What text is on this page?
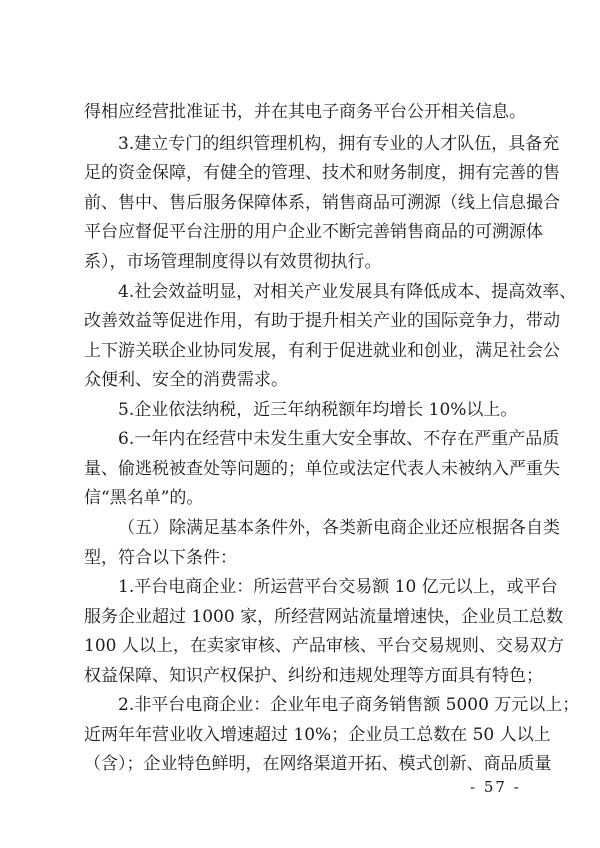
得相应经营批准证书，并在其电子商务平台公开相关信息。
3.建立专门的组织管理机构，拥有专业的人才队伍，具备充
足的资金保障，有健全的管理、技术和财务制度，拥有完善的售
前、售中、售后服务保障体系，销售商品可溯源（线上信息撮合
平台应督促平台注册的用户企业不断完善销售商品的可溯源体
系），市场管理制度得以有效贯彻执行。
4.社会效益明显，对相关产业发展具有降低成本、提高效率、
改善效益等促进作用，有助于提升相关产业的国际竞争力，带动
上下游关联企业协同发展，有利于促进就业和创业，满足社会公
众便利、安全的消费需求。
5.企业依法纳税，近三年纳税额年均增长 10%以上。
6.一年内在经营中未发生重大安全事故、不存在严重产品质
量、偷逃税被查处等问题的；单位或法定代表人未被纳入严重失
信“黑名单”的。
（五）除满足基本条件外，各类新电商企业还应根据各自类
型，符合以下条件：
1.平台电商企业：所运营平台交易额 10 亿元以上，或平台
服务企业超过 1000 家，所经营网站流量增速快，企业员工总数
100 人以上，在卖家审核、产品审核、平台交易规则、交易双方
权益保障、知识产权保护、纠纷和违规处理等方面具有特色；
2.非平台电商企业：企业年电子商务销售额 5000 万元以上；
近两年年营业收入增速超过 10%；企业员工总数在 50 人以上
（含）；企业特色鲜明，在网络渠道开拓、模式创新、商品质量
- 57 -
